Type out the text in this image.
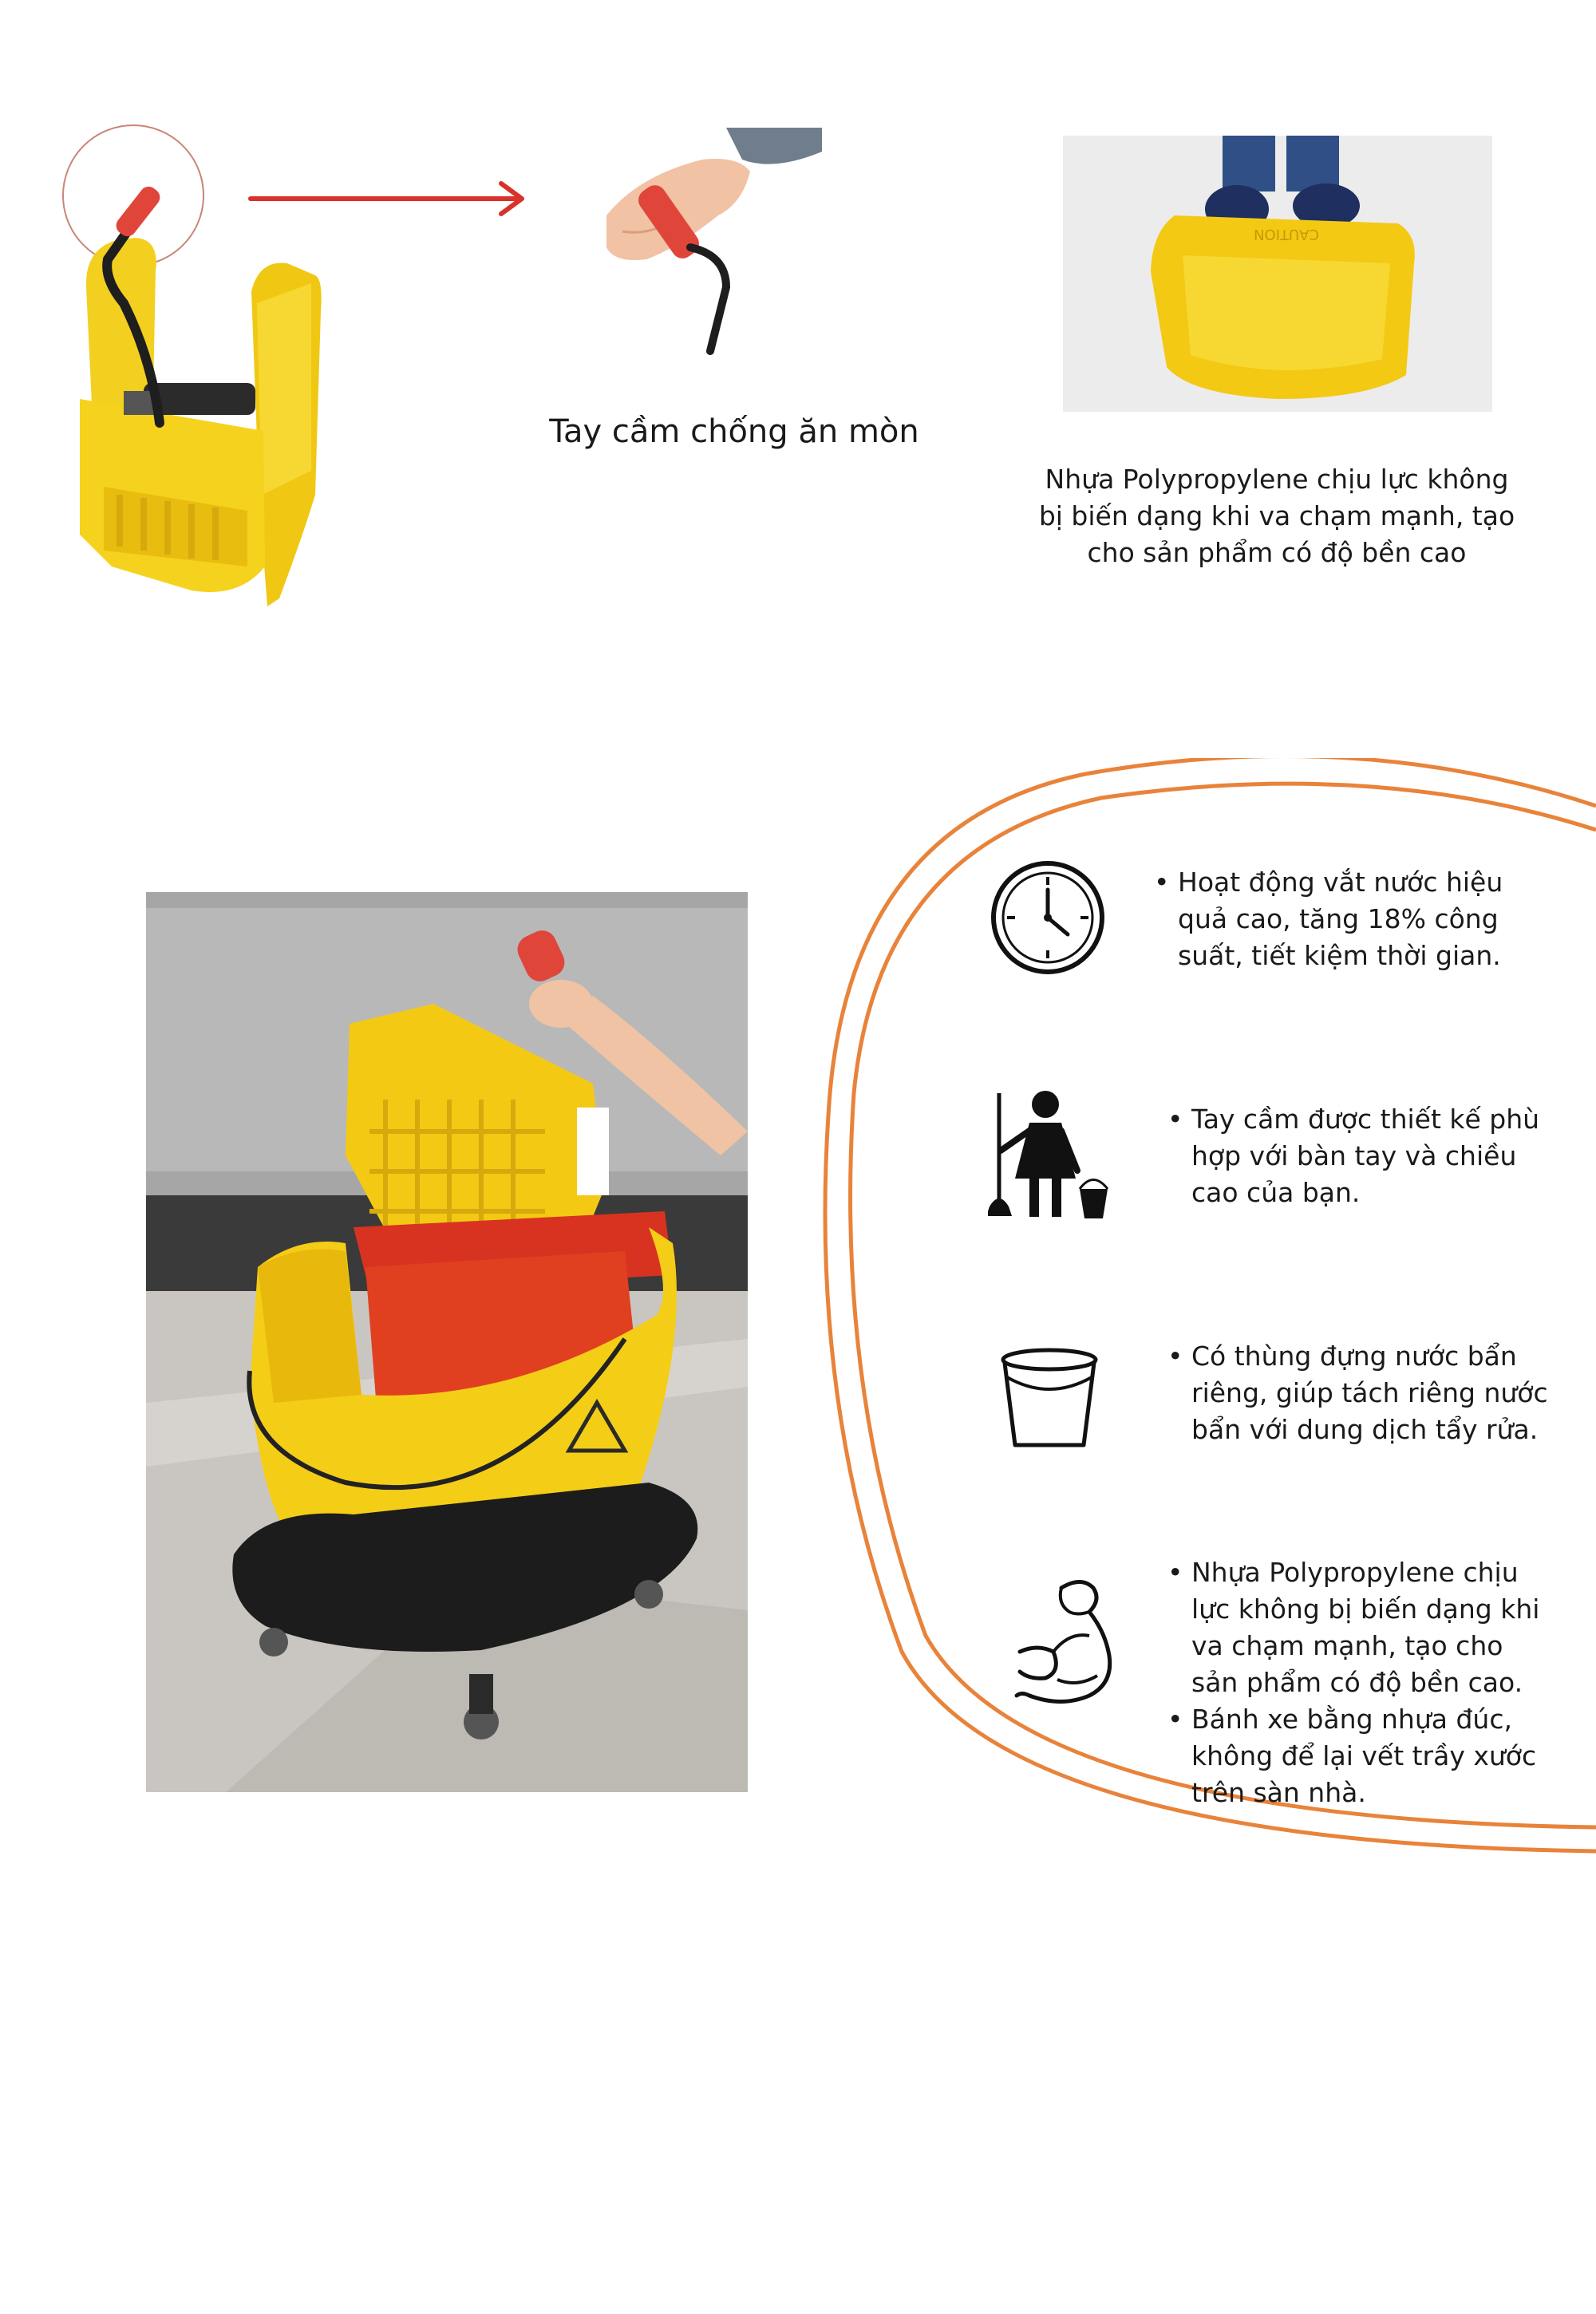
Tay cầm chống ăn mòn
CAUTION
Nhựa Polypropylene chịu lực không bị biến dạng khi va chạm mạnh, tạo cho sản phẩm có độ bền cao
• Hoạt động vắt nước hiệu quả cao, tăng 18% công suất, tiết kiệm thời gian.
• Tay cầm được thiết kế phù hợp với bàn tay và chiều cao của bạn.
• Có thùng đựng nước bẩn riêng, giúp tách riêng nước bẩn với dung dịch tẩy rửa.
• Nhựa Polypropylene chịu lực không bị biến dạng khi va chạm mạnh, tạo cho sản phẩm có độ bền cao.
• Bánh xe bằng nhựa đúc, không để lại vết trầy xước trên sàn nhà.
